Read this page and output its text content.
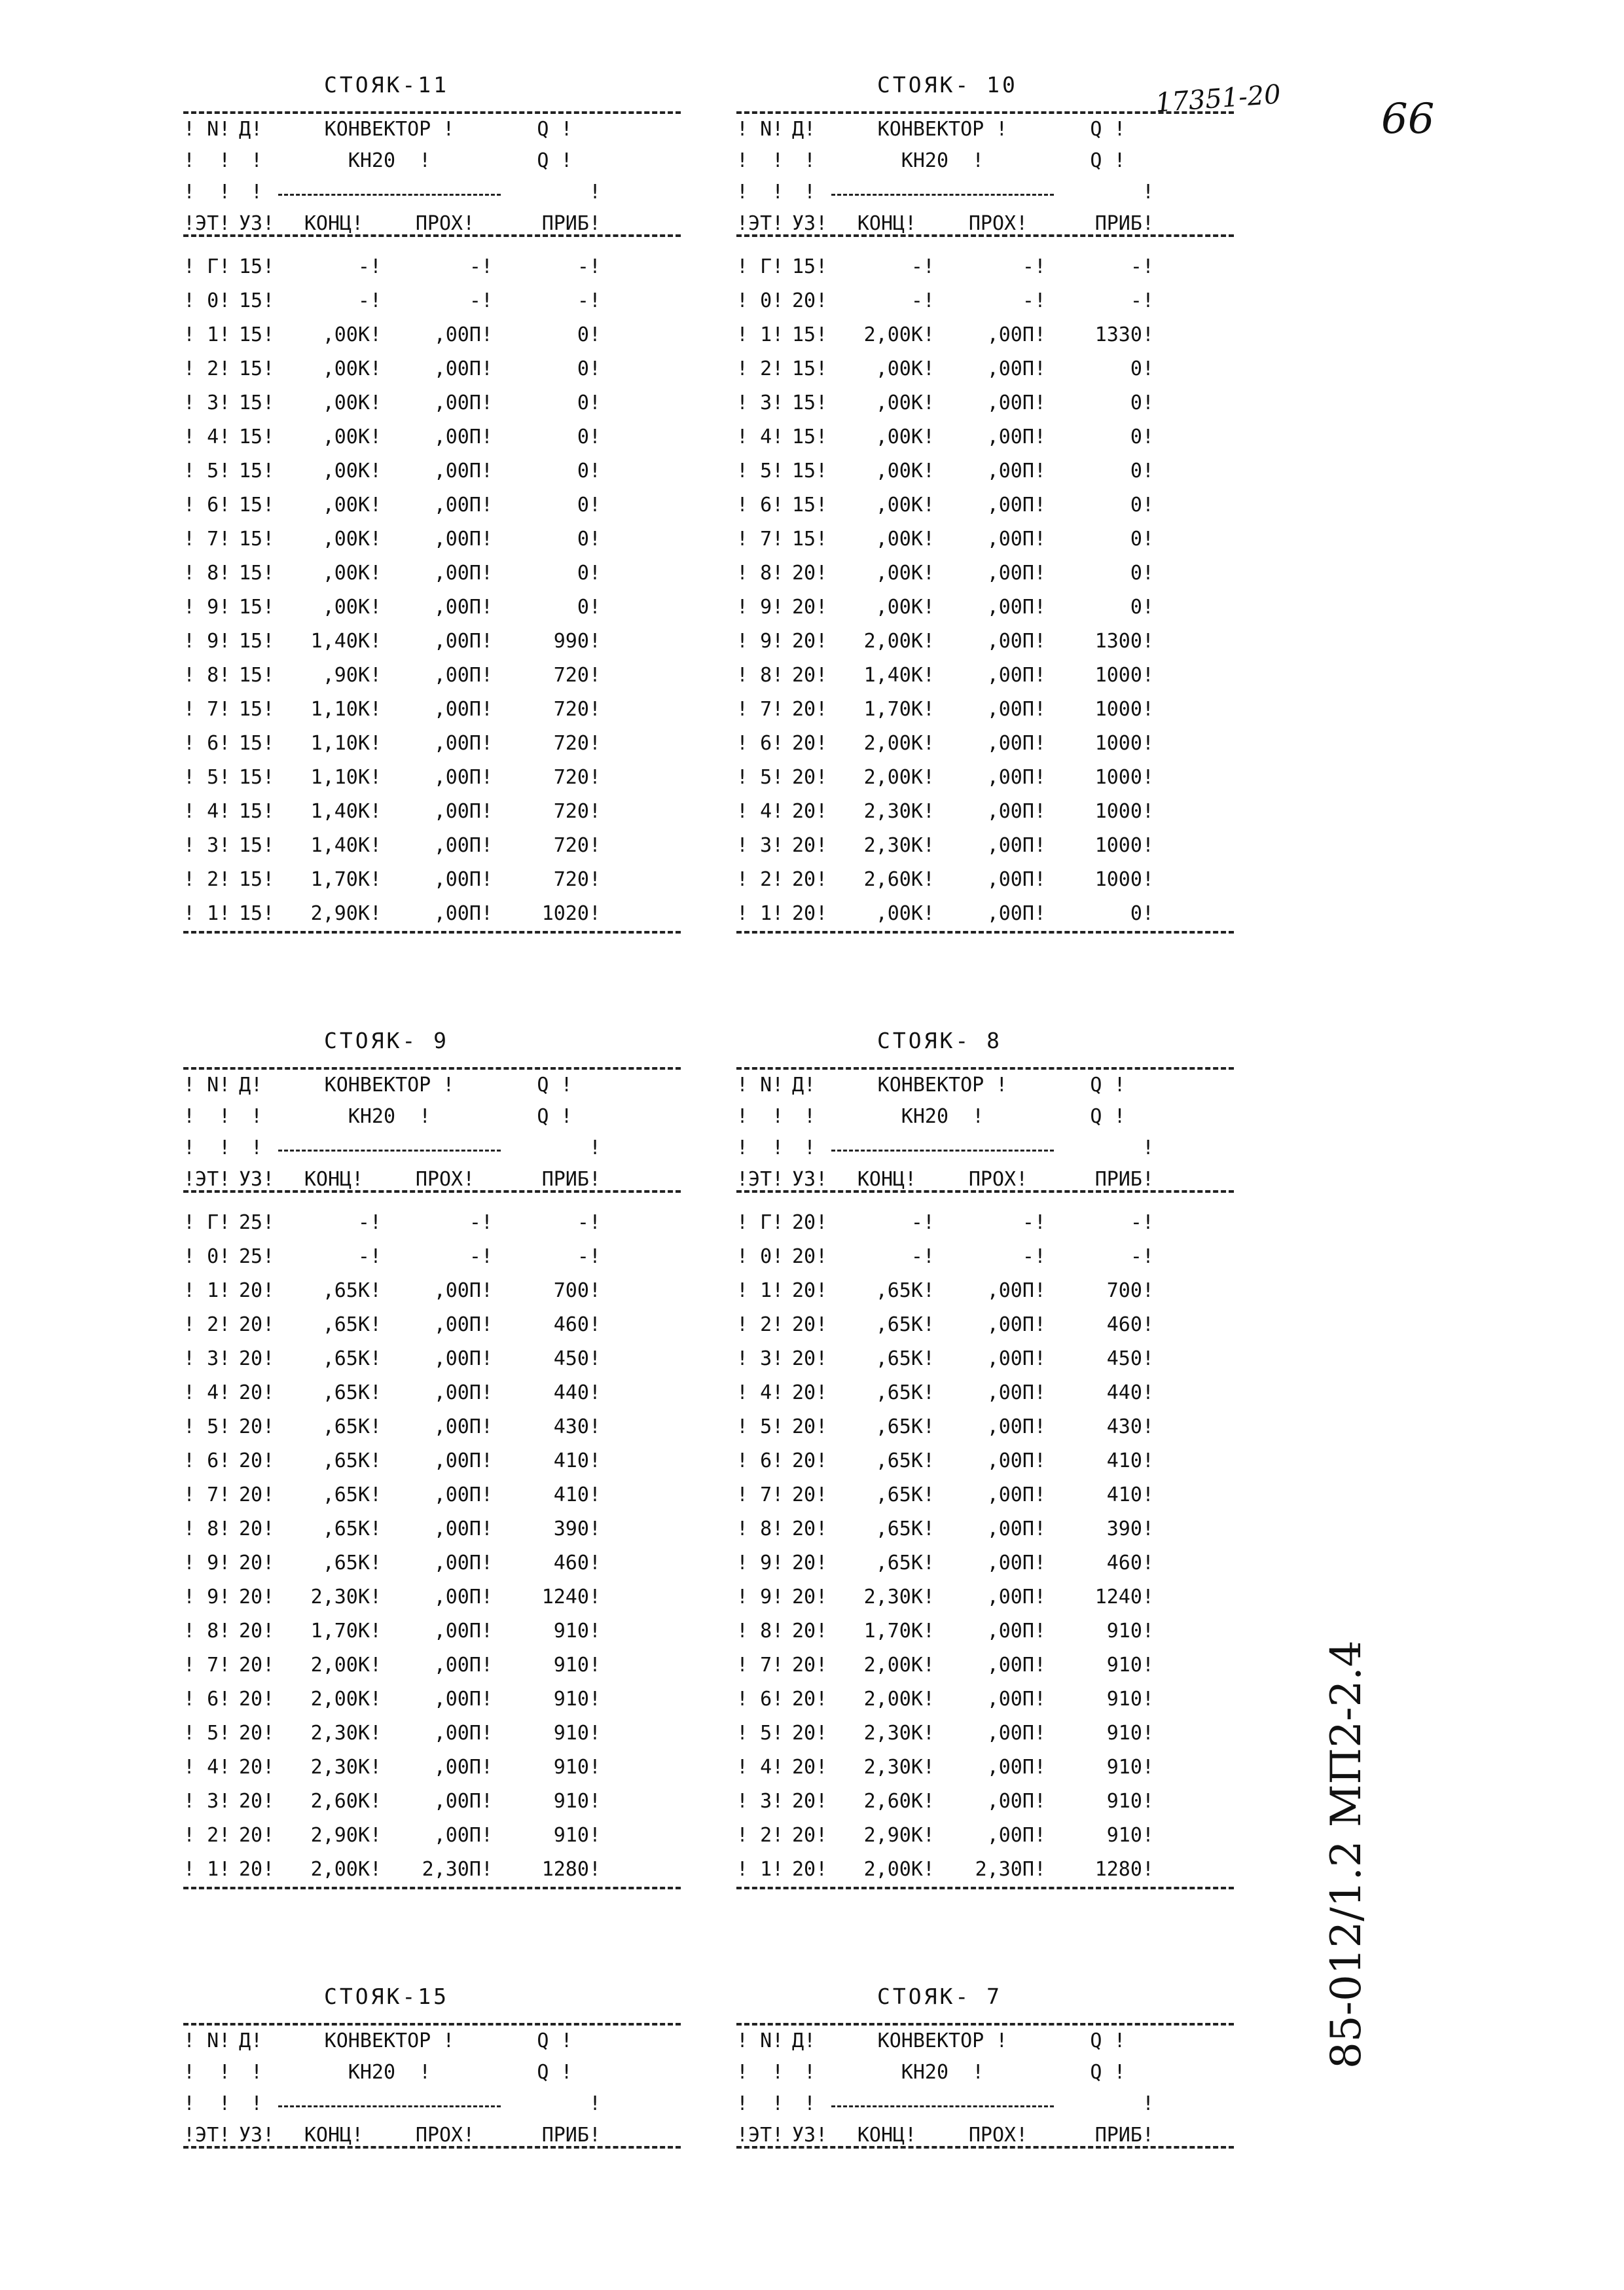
17351-20 66
85-012/1.2 МП2-2.4
СТОЯК-11
! N! Д!	КОНВЕКТОР !	Q !
!  ! !	КН20  !	Q !
!  ! !	!
!ЭТ! УЗ!	КОНЦ!	ПРОХ!	ПРИБ!
! Г! 15!	-!	-!	-!
! 0! 15!	-!	-!	-!
! 1! 15!	,00К!	,00П!	0!
! 2! 15!	,00К!	,00П!	0!
! 3! 15!	,00К!	,00П!	0!
! 4! 15!	,00К!	,00П!	0!
! 5! 15!	,00К!	,00П!	0!
! 6! 15!	,00К!	,00П!	0!
! 7! 15!	,00К!	,00П!	0!
! 8! 15!	,00К!	,00П!	0!
! 9! 15!	,00К!	,00П!	0!
! 9! 15!	1,40К!	,00П!	990!
! 8! 15!	,90К!	,00П!	720!
! 7! 15!	1,10К!	,00П!	720!
! 6! 15!	1,10К!	,00П!	720!
! 5! 15!	1,10К!	,00П!	720!
! 4! 15!	1,40К!	,00П!	720!
! 3! 15!	1,40К!	,00П!	720!
! 2! 15!	1,70К!	,00П!	720!
! 1! 15!	2,90К!	,00П!	1020!
СТОЯК- 10
! N! Д!	КОНВЕКТОР !	Q !
!  ! !	КН20  !	Q !
!  ! !	!
!ЭТ! УЗ!	КОНЦ!	ПРОХ!	ПРИБ!
! Г! 15!	-!	-!	-!
! 0! 20!	-!	-!	-!
! 1! 15!	2,00К!	,00П!	1330!
! 2! 15!	,00К!	,00П!	0!
! 3! 15!	,00К!	,00П!	0!
! 4! 15!	,00К!	,00П!	0!
! 5! 15!	,00К!	,00П!	0!
! 6! 15!	,00К!	,00П!	0!
! 7! 15!	,00К!	,00П!	0!
! 8! 20!	,00К!	,00П!	0!
! 9! 20!	,00К!	,00П!	0!
! 9! 20!	2,00К!	,00П!	1300!
! 8! 20!	1,40К!	,00П!	1000!
! 7! 20!	1,70К!	,00П!	1000!
! 6! 20!	2,00К!	,00П!	1000!
! 5! 20!	2,00К!	,00П!	1000!
! 4! 20!	2,30К!	,00П!	1000!
! 3! 20!	2,30К!	,00П!	1000!
! 2! 20!	2,60К!	,00П!	1000!
! 1! 20!	,00К!	,00П!	0!
СТОЯК- 9
! N! Д!	КОНВЕКТОР !	Q !
!  ! !	КН20  !	Q !
!  ! !	!
!ЭТ! УЗ!	КОНЦ!	ПРОХ!	ПРИБ!
! Г! 25!	-!	-!	-!
! 0! 25!	-!	-!	-!
! 1! 20!	,65К!	,00П!	700!
! 2! 20!	,65К!	,00П!	460!
! 3! 20!	,65К!	,00П!	450!
! 4! 20!	,65К!	,00П!	440!
! 5! 20!	,65К!	,00П!	430!
! 6! 20!	,65К!	,00П!	410!
! 7! 20!	,65К!	,00П!	410!
! 8! 20!	,65К!	,00П!	390!
! 9! 20!	,65К!	,00П!	460!
! 9! 20!	2,30К!	,00П!	1240!
! 8! 20!	1,70К!	,00П!	910!
! 7! 20!	2,00К!	,00П!	910!
! 6! 20!	2,00К!	,00П!	910!
! 5! 20!	2,30К!	,00П!	910!
! 4! 20!	2,30К!	,00П!	910!
! 3! 20!	2,60К!	,00П!	910!
! 2! 20!	2,90К!	,00П!	910!
! 1! 20!	2,00К!	2,30П!	1280!
СТОЯК- 8
! N! Д!	КОНВЕКТОР !	Q !
!  ! !	КН20  !	Q !
!  ! !	!
!ЭТ! УЗ!	КОНЦ!	ПРОХ!	ПРИБ!
! Г! 20!	-!	-!	-!
! 0! 20!	-!	-!	-!
! 1! 20!	,65К!	,00П!	700!
! 2! 20!	,65К!	,00П!	460!
! 3! 20!	,65К!	,00П!	450!
! 4! 20!	,65К!	,00П!	440!
! 5! 20!	,65К!	,00П!	430!
! 6! 20!	,65К!	,00П!	410!
! 7! 20!	,65К!	,00П!	410!
! 8! 20!	,65К!	,00П!	390!
! 9! 20!	,65К!	,00П!	460!
! 9! 20!	2,30К!	,00П!	1240!
! 8! 20!	1,70К!	,00П!	910!
! 7! 20!	2,00К!	,00П!	910!
! 6! 20!	2,00К!	,00П!	910!
! 5! 20!	2,30К!	,00П!	910!
! 4! 20!	2,30К!	,00П!	910!
! 3! 20!	2,60К!	,00П!	910!
! 2! 20!	2,90К!	,00П!	910!
! 1! 20!	2,00К!	2,30П!	1280!
СТОЯК-15
! N! Д!	КОНВЕКТОР !	Q !
!  ! !	КН20  !	Q !
!  ! !	!
!ЭТ! УЗ!	КОНЦ!	ПРОХ!	ПРИБ!
СТОЯК- 7
! N! Д!	КОНВЕКТОР !	Q !
!  ! !	КН20  !	Q !
!  ! !	!
!ЭТ! УЗ!	КОНЦ!	ПРОХ!	ПРИБ!
